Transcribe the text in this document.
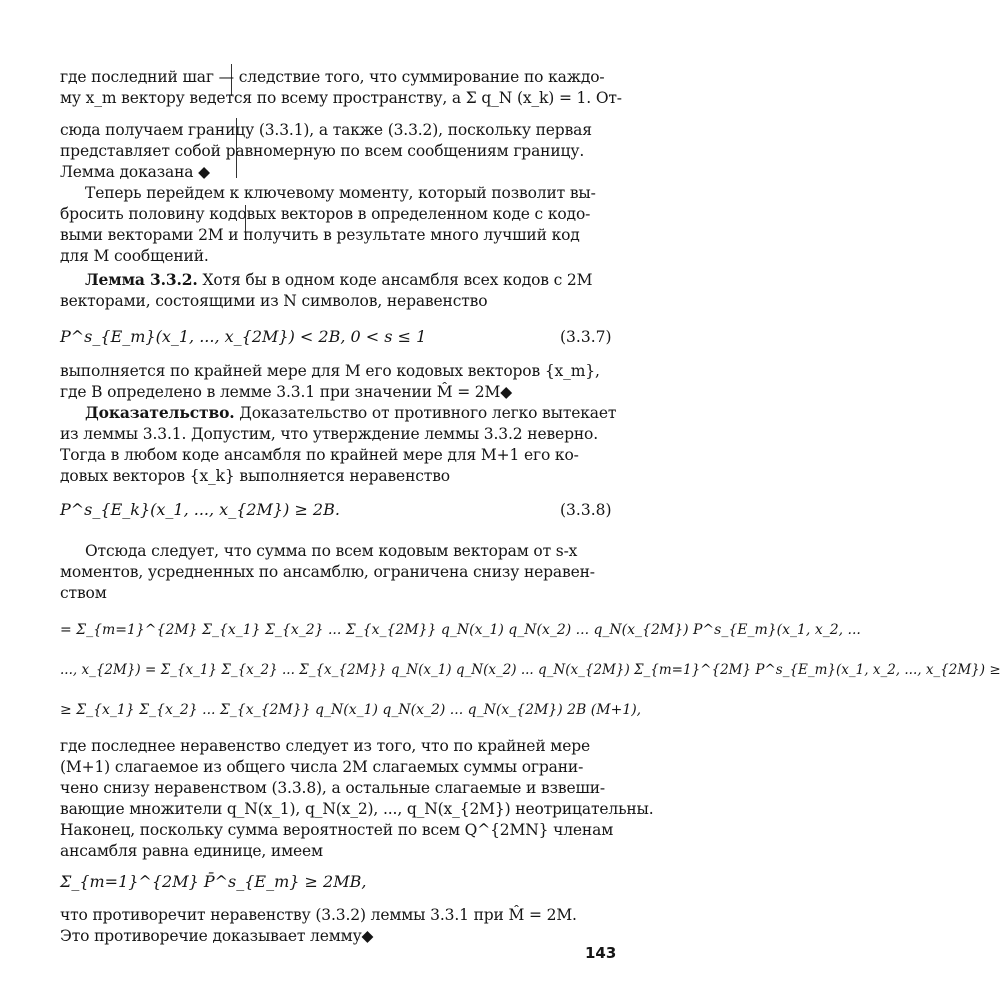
где последний шаг — следствие того, что суммирование по каждо-
му x_m вектору ведется по всему пространству, а Σ q_N (x_k) = 1. От-
сюда получаем границу (3.3.1), а также (3.3.2), поскольку первая
представляет собой равномерную по всем сообщениям границу.
Лемма доказана ◆
Теперь перейдем к ключевому моменту, который позволит вы-
бросить половину кодовых векторов в определенном коде с кодо-
выми векторами 2M и получить в результате много лучший код
для M сообщений.
Лемма 3.3.2. Хотя бы в одном коде ансамбля всех кодов с 2M
векторами, состоящими из N символов, неравенство
P^s_{E_m}(x_1, ..., x_{2M}) < 2B, 0 < s ≤ 1	(3.3.7)
выполняется по крайней мере для M его кодовых векторов {x_m},
где B определено в лемме 3.3.1 при значении M̂ = 2M◆
Доказательство. Доказательство от противного легко вытекает
из леммы 3.3.1. Допустим, что утверждение леммы 3.3.2 неверно.
Тогда в любом коде ансамбля по крайней мере для M+1 его ко-
довых векторов {x_k} выполняется неравенство
P^s_{E_k}(x_1, ..., x_{2M}) ≥ 2B.	(3.3.8)
Отсюда следует, что сумма по всем кодовым векторам от s-x
моментов, усредненных по ансамблю, ограничена снизу нерaвен-
ством
= Σ_{m=1}^{2M} Σ_{x_1} Σ_{x_2} ... Σ_{x_{2M}} q_N(x_1) q_N(x_2) ... q_N(x_{2M}) P^s_{E_m}(x_1, x_2, ...
..., x_{2M}) = Σ_{x_1} Σ_{x_2} ... Σ_{x_{2M}} q_N(x_1) q_N(x_2) ... q_N(x_{2M}) Σ_{m=1}^{2M} P^s_{E_m}(x_1, x_2, ..., x_{2M}) ≥
≥ Σ_{x_1} Σ_{x_2} ... Σ_{x_{2M}} q_N(x_1) q_N(x_2) ... q_N(x_{2M}) 2B (M+1),
где последнее неравенство следует из того, что по крайней мере
(M+1) слагаемое из общего числа 2M слагаемых суммы ограни-
чено снизу неравенством (3.3.8), а остальные слагаемые и взвеши-
вающие множители q_N(x_1), q_N(x_2), ..., q_N(x_{2M}) неотрицательны.
Наконец, поскольку сумма вероятностей по всем Q^{2MN} членам
ансамбля равна единице, имеем
Σ_{m=1}^{2M} P̄^s_{E_m} ≥ 2MB,
что противоречит неравенству (3.3.2) леммы 3.3.1 при M̂ = 2M.
Это противоречие доказывает лемму◆
143
